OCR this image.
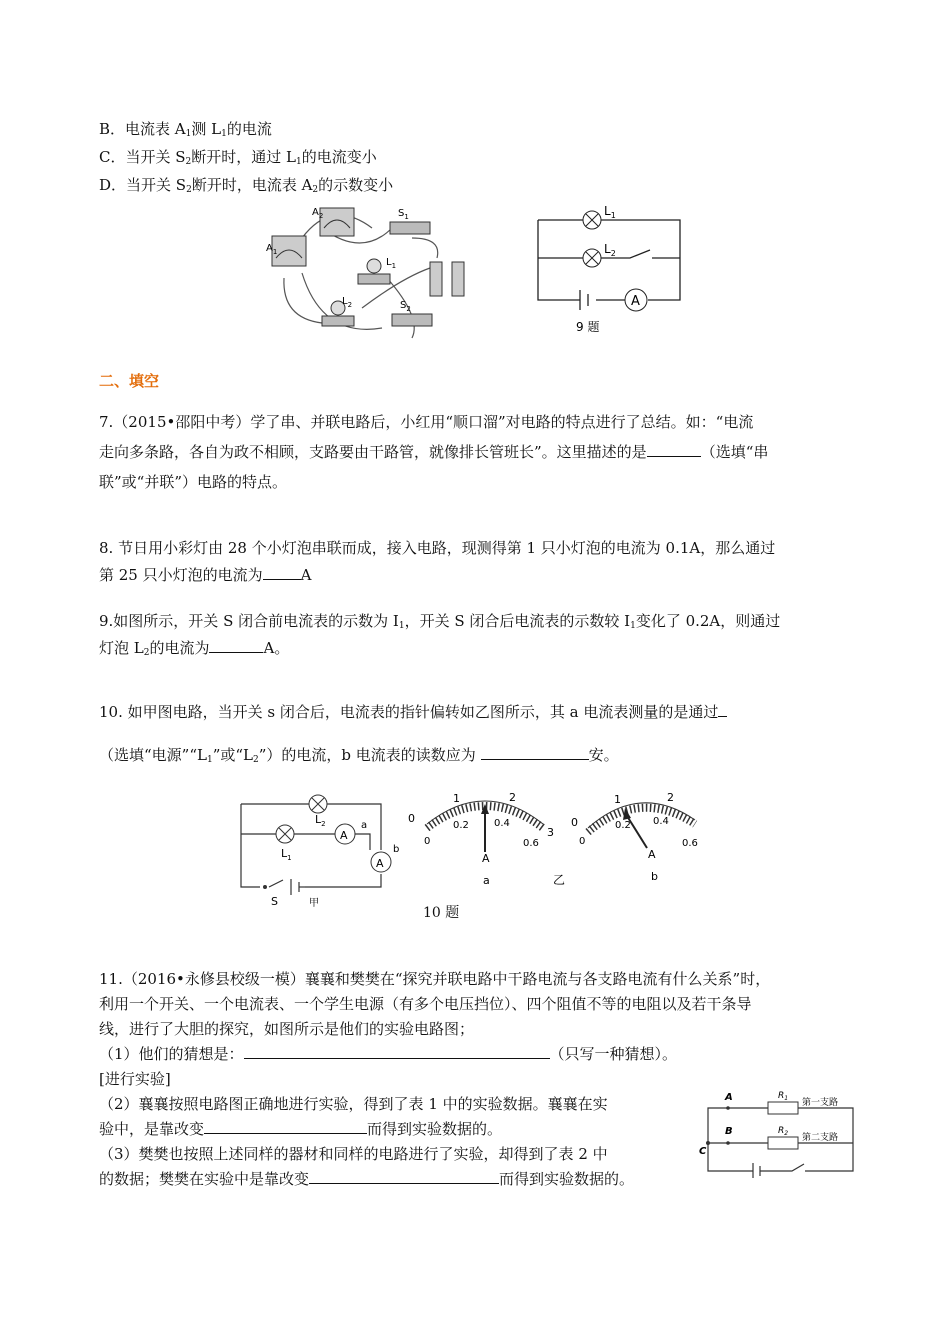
B．电流表 $A_1$测 $L_1$的电流
C．当开关 $S_2$断开时，通过 $L_1$的电流变小
D．当开关 $S_2$断开时，电流表 $A_2$的示数变小
$A_2$	$S_1$
$A_1$
$L_1$
$L_2$	$S_2$	A
$L_1$
$L_2$
9 题
二、填空
7.（2015•邵阳中考）学了串、并联电路后，小红用“顺口溜”对电路的特点进行了总结。如：“电流
走向多条路，各自为政不相顾，支路要由干路管，就像排长管班长”。这里描述的是	（选填“串
联”或“并联”）电路的特点。
8. 节日用小彩灯由 28 个小灯泡串联而成，接入电路，现测得第 1 只小灯泡的电流为 0.1A，那么通过
第 25 只小灯泡的电流为	A
9.如图所示，开关 S 闭合前电流表的示数为 $I_1$，开关 S 闭合后电流表的示数较 $I_1$变化了 0.2A，则通过
灯泡 $L_2$的电流为	A。
10. 如甲图电路，当开关 s 闭合后，电流表的指针偏转如乙图所示，其 a 电流表测量的是通过
（选填“电源$”“L_1$”或“$L_2$”）的电流，b 电流表的读数应为	安。
$L_2$
A
a
$L_1$	A
b
S	甲
0
1	2
3
0
0.2	0.4
0.6
A
a	乙
0
1	2
0
0.2 0.4
0.6
A
b
10 题
11.（2016•永修县校级一模）襄襄和樊樊在“探究并联电路中干路电流与各支路电流有什么关系”时，
利用一个开关、一个电流表、一个学生电源（有多个电压挡位）、四个阻值不等的电阻以及若干条导
线，进行了大胆的探究，如图所示是他们的实验电路图；
（1）他们的猜想是：	（只写一种猜想）。
[进行实验]
（2）襄襄按照电路图正确地进行实验，得到了表 1 中的实验数据。襄襄在实
验中，是靠改变	而得到实验数据的。
（3）樊樊也按照上述同样的器材和同样的电路进行了实验，却得到了表 2 中
的数据；樊樊在实验中是靠改变	而得到实验数据的。
A	$R_1$ 第一支路
B	$R_2$ 第二支路
C
